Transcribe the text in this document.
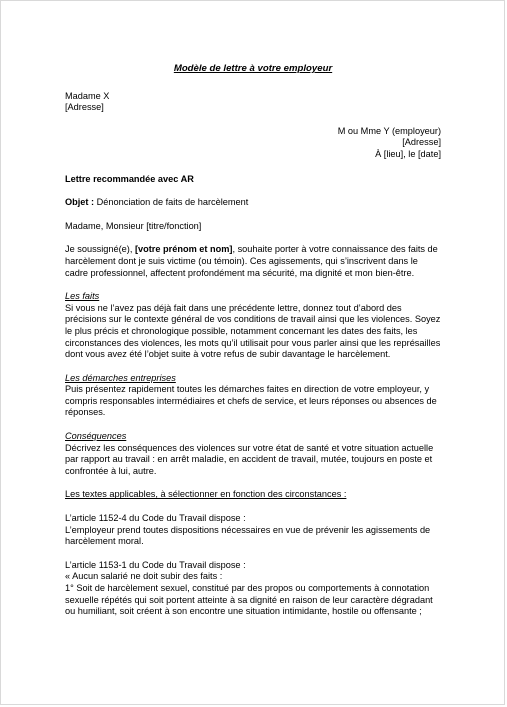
Modèle de lettre à votre employeur

Madame X

[Adresse]

M ou Mme Y (employeur)

[Adresse]

À [lieu], le [date]

Lettre recommandée avec AR

Objet : Dénonciation de faits de harcèlement

Madame, Monsieur [titre/fonction]

Je soussigné(e), [votre prénom et nom], souhaite porter à votre connaissance des faits de harcèlement dont je suis victime (ou témoin). Ces agissements, qui s’inscrivent dans le cadre professionnel, affectent profondément ma sécurité, ma dignité et mon bien-être.

Les faits

Si vous ne l’avez pas déjà fait dans une précédente lettre, donnez tout d’abord des précisions sur le contexte général de vos conditions de travail ainsi que les violences. Soyez le plus précis et chronologique possible, notamment concernant les dates des faits, les circonstances des violences, les mots qu’il utilisait pour vous parler ainsi que les représailles dont vous avez été l’objet suite à votre refus de subir davantage le harcèlement.

Les démarches entreprises

Puis présentez rapidement toutes les démarches faites en direction de votre employeur, y compris responsables intermédiaires et chefs de service, et leurs réponses ou absences de réponses.

Conséquences

Décrivez les conséquences des violences sur votre état de santé et votre situation actuelle par rapport au travail : en arrêt maladie, en accident de travail, mutée, toujours en poste et confrontée à lui, autre.

Les textes applicables, à sélectionner en fonction des circonstances :

L’article 1152-4 du Code du Travail dispose :

L’employeur prend toutes dispositions nécessaires en vue de prévenir les agissements de harcèlement moral.

L’article 1153-1 du Code du Travail dispose :

« Aucun salarié ne doit subir des faits :

1° Soit de harcèlement sexuel, constitué par des propos ou comportements à connotation sexuelle répétés qui soit portent atteinte à sa dignité en raison de leur caractère dégradant ou humiliant, soit créent à son encontre une situation intimidante, hostile ou offensante ;
